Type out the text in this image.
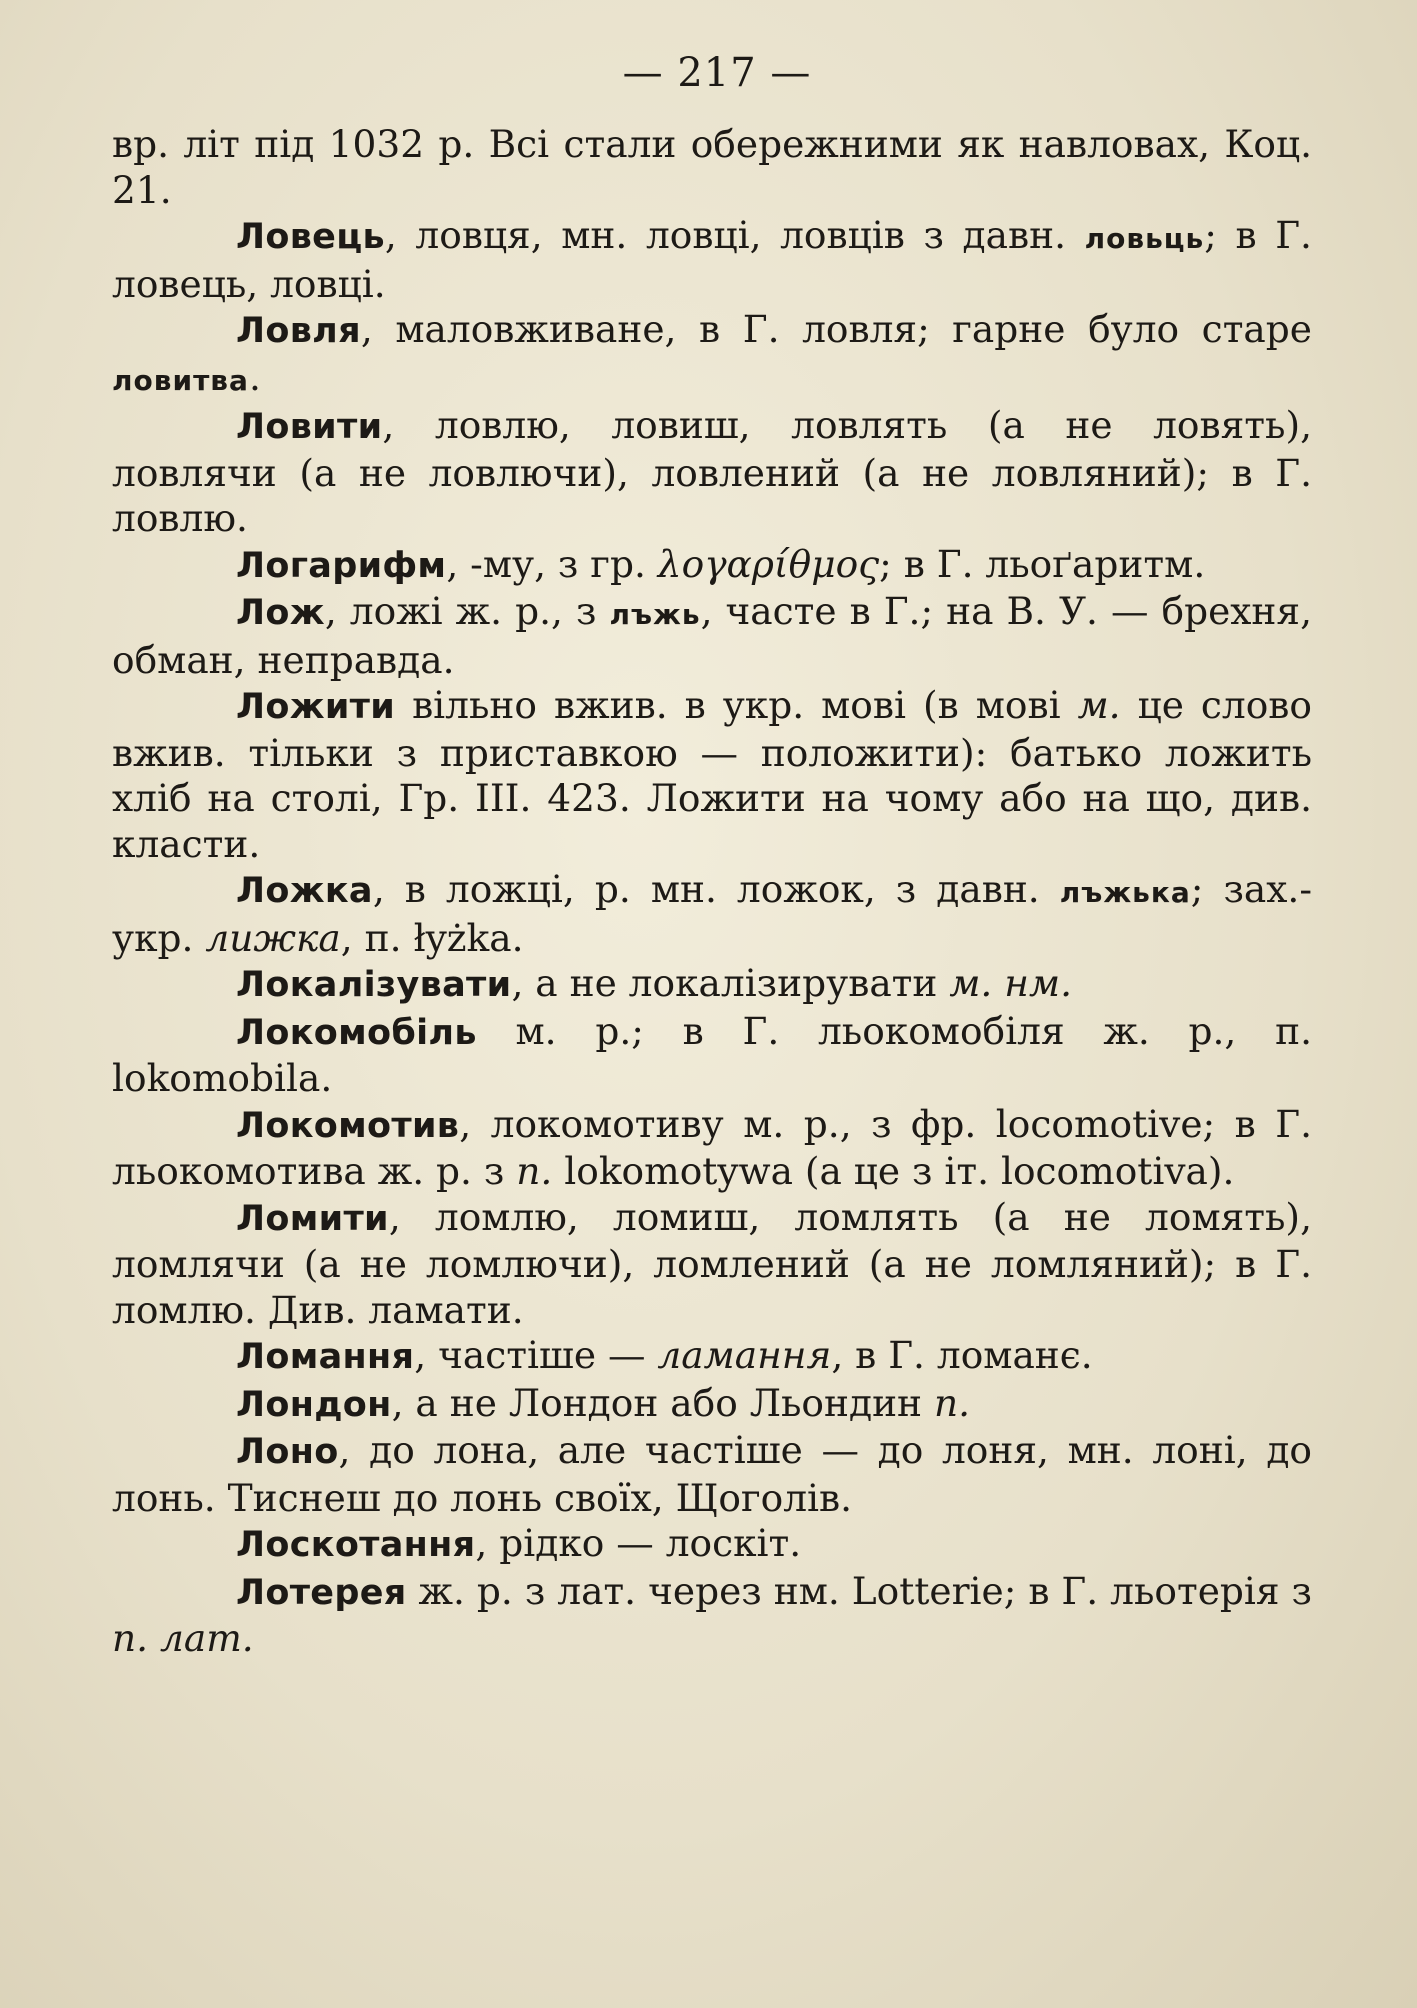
— 217 —

вр. літ під 1032 р. Всі стали обережними як навловах, Коц. 21.

Ловець, ловця, мн. ловці, ловців з давн. ловьць; в Г. ловець, ловці.

Ловля, маловживане, в Г. ловля; гарне було старе ловитва.

Ловити, ловлю, ловиш, ловлять (а не ловять), ловлячи (а не ловлючи), ловлений (а не ловляний); в Г. ловлю.

Логарифм, -му, з гр. λογαρίθμος; в Г. льоґаритм.

Лож, ложі ж. р., з лъжь, часте в Г.; на В. У. — брехня, обман, неправда.

Ложити вільно вжив. в укр. мові (в мові м. це слово вжив. тільки з приставкою — положити): батько ложить хліб на столі, Гр. III. 423. Ложити на чому або на що, див. класти.

Ложка, в ложці, р. мн. ложок, з давн. лъжька; зах.-укр. лижка, п. łyżka.

Локалізувати, а не локалізирувати м. нм.

Локомобіль м. р.; в Г. льокомобіля ж. р., п. lokomobila.

Локомотив, локомотиву м. р., з фр. locomotive; в Г. льокомотива ж. р. з п. lokomotywa (а це з іт. locomotiva).

Ломити, ломлю, ломиш, ломлять (а не ломять), ломлячи (а не ломлючи), ломлений (а не ломляний); в Г. ломлю. Див. ламати.

Ломання, частіше — ламання, в Г. ломанє.

Лондон, а не Лондон або Льондин п.

Лоно, до лона, але частіше — до лоня, мн. лоні, до лонь. Тиснеш до лонь своїх, Щоголів.

Лоскотання, рідко — лоскіт.

Лотерея ж. р. з лат. через нм. Lotterie; в Г. льотерія з п. лат.
